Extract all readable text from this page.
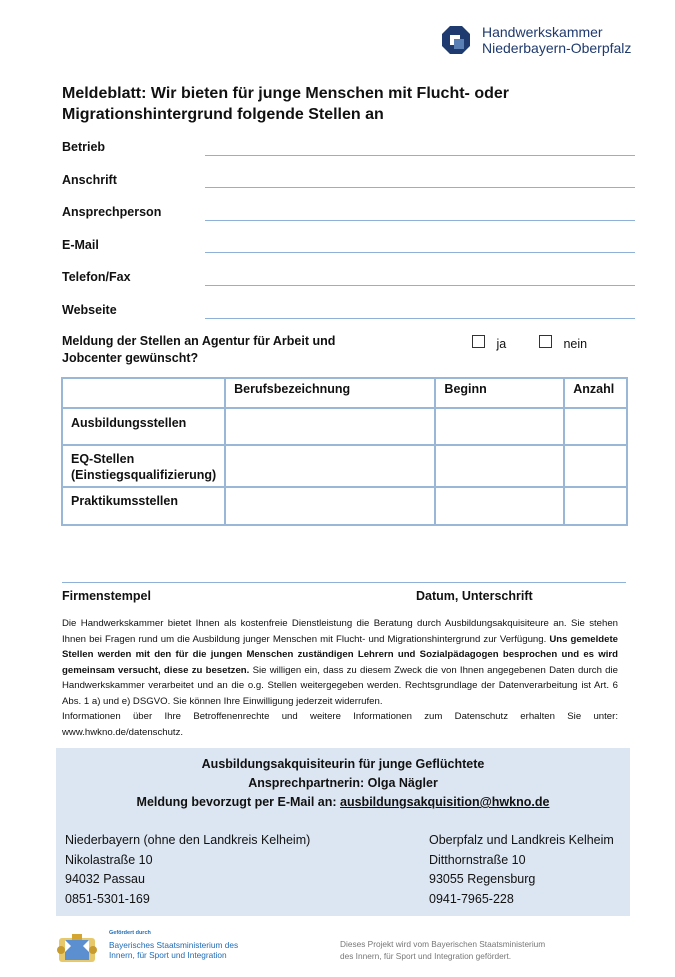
Handwerkskammer
Niederbayern-Oberpfalz
Meldeblatt: Wir bieten für junge Menschen mit Flucht- oder
Migrationshintergrund folgende Stellen an
Betrieb
Anschrift
Ansprechperson
E-Mail
Telefon/Fax
Webseite
Meldung der Stellen an Agentur für Arbeit und
Jobcenter gewünscht?
ja	nein
	Berufsbezeichnung	Beginn	Anzahl

Ausbildungsstellen			

EQ-Stellen
(Einstiegsqualifizierung)			

Praktikumsstellen			

Firmenstempel	Datum, Unterschrift
Die Handwerkskammer bietet Ihnen als kostenfreie Dienstleistung die Beratung durch Ausbildungsakquisiteure an. Sie stehen Ihnen bei Fragen rund um die Ausbildung junger Menschen mit Flucht- und Migrationshintergrund zur Verfügung. Uns gemeldete Stellen werden mit den für die jungen Menschen zuständigen Lehrern und Sozialpädagogen besprochen und es wird gemeinsam versucht, diese zu besetzen. Sie willigen ein, dass zu diesem Zweck die von Ihnen angegebenen Daten durch die Handwerkskammer verarbeitet und an die o.g. Stellen weitergegeben werden. Rechtsgrundlage der Datenverarbeitung ist Art. 6 Abs. 1 a) und e) DSGVO. Sie können Ihre Einwilligung jederzeit widerrufen.
Informationen über Ihre Betroffenenrechte und weitere Informationen zum Datenschutz erhalten Sie unter: www.hwkno.de/datenschutz.
Ausbildungsakquisiteurin für junge Geflüchtete
Ansprechpartnerin: Olga Nägler
Meldung bevorzugt per E-Mail an: ausbildungsakquisition@hwkno.de
Niederbayern (ohne den Landkreis Kelheim)
Nikolastraße 10
94032 Passau
0851-5301-169
Oberpfalz und Landkreis Kelheim
Ditthornstraße 10
93055 Regensburg
0941-7965-228
Gefördert durch
Bayerisches Staatsministerium des
Innern, für Sport und Integration
Dieses Projekt wird vom Bayerischen Staatsministerium
des Innern, für Sport und Integration gefördert.
